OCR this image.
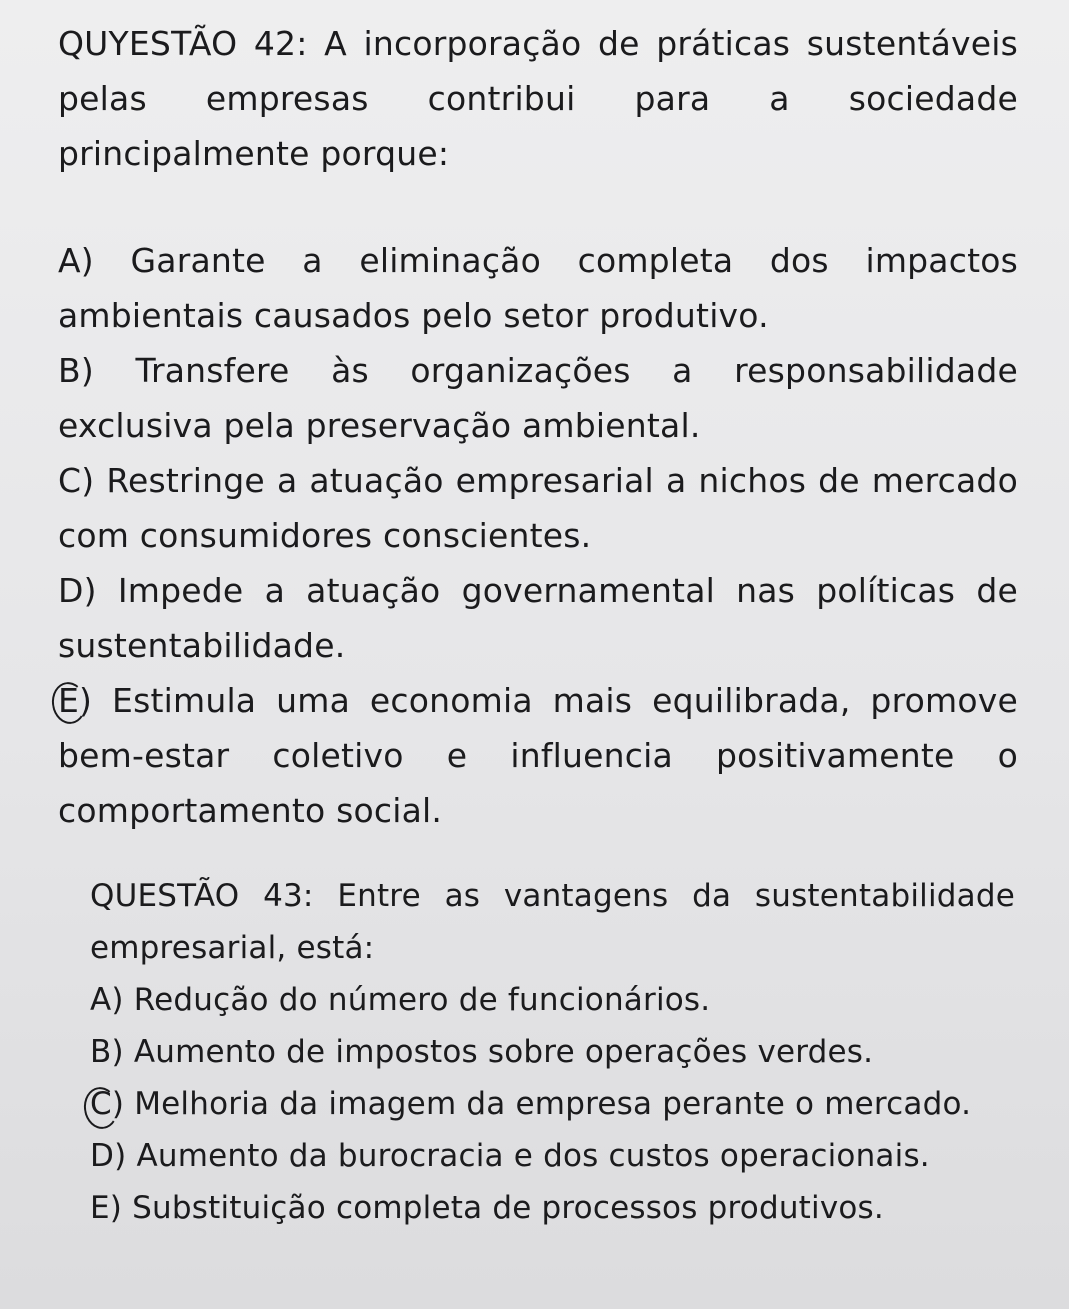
QUYESTÃO 42: A incorporação de práticas sustentáveis pelas empresas contribui para a sociedade principalmente porque:

A) Garante a eliminação completa dos impactos ambientais causados pelo setor produtivo.

B) Transfere às organizações a responsabilidade exclusiva pela preservação ambiental.

C) Restringe a atuação empresarial a nichos de mercado com consumidores conscientes.

D) Impede a atuação governamental nas políticas de sustentabilidade.

E) Estimula uma economia mais equilibrada, promove bem-estar coletivo e influencia positivamente o comportamento social.

QUESTÃO 43: Entre as vantagens da sustentabilidade empresarial, está:

A) Redução do número de funcionários.

B) Aumento de impostos sobre operações verdes.

C) Melhoria da imagem da empresa perante o mercado.

D) Aumento da burocracia e dos custos operacionais.

E) Substituição completa de processos produtivos.
